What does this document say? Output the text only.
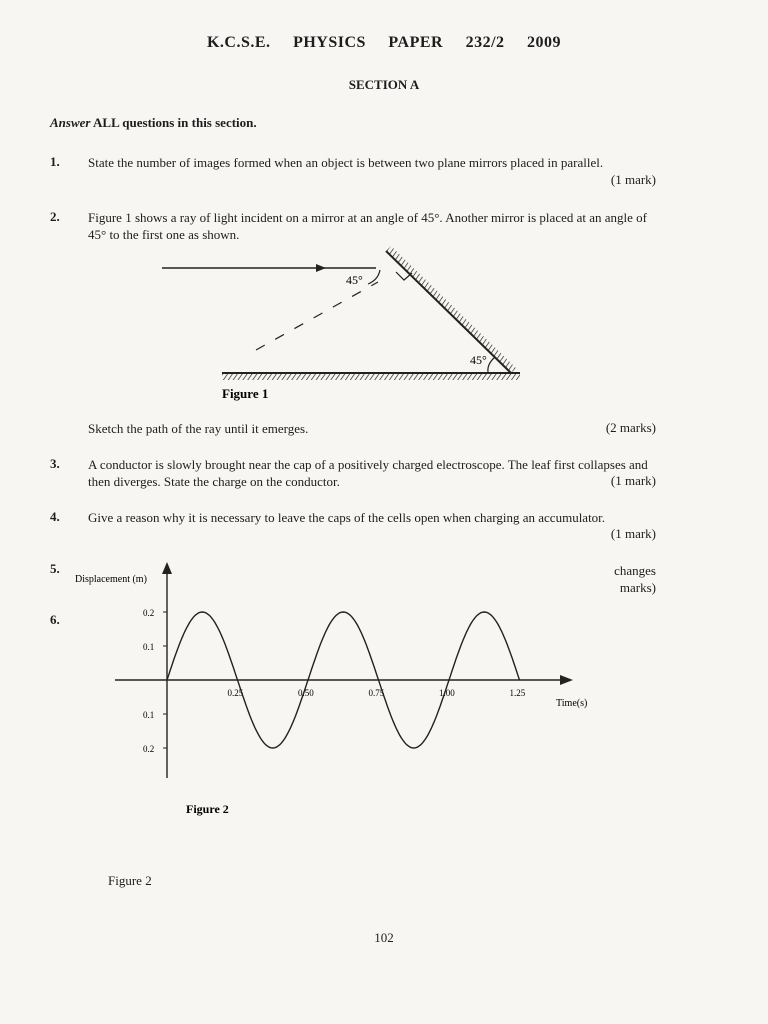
K.C.S.E. PHYSICS PAPER 232/2 2009
SECTION A
Answer ALL questions in this section.
1. State the number of images formed when an object is between two plane mirrors placed in parallel.
(1 mark)
2. Figure 1 shows a ray of light incident on a mirror at an angle of 45°. Another mirror is placed at an angle of 45° to the first one as shown.
45°
45°
Figure 1
Sketch the path of the ray until it emerges.	(2 marks)
3. A conductor is slowly brought near the cap of a positively charged electroscope. The leaf first collapses and then diverges. State the charge on the conductor.	(1 mark)
4. Give a reason why it is necessary to leave the caps of the cells open when charging an accumulator.
(1 mark)
5.
6.
changes
marks)
Displacement (m)
Time(s)
0.25	0.50	0.75	1.00	1.25
0.2
0.1
0.1
0.2
Figure 2
Figure 2
102
